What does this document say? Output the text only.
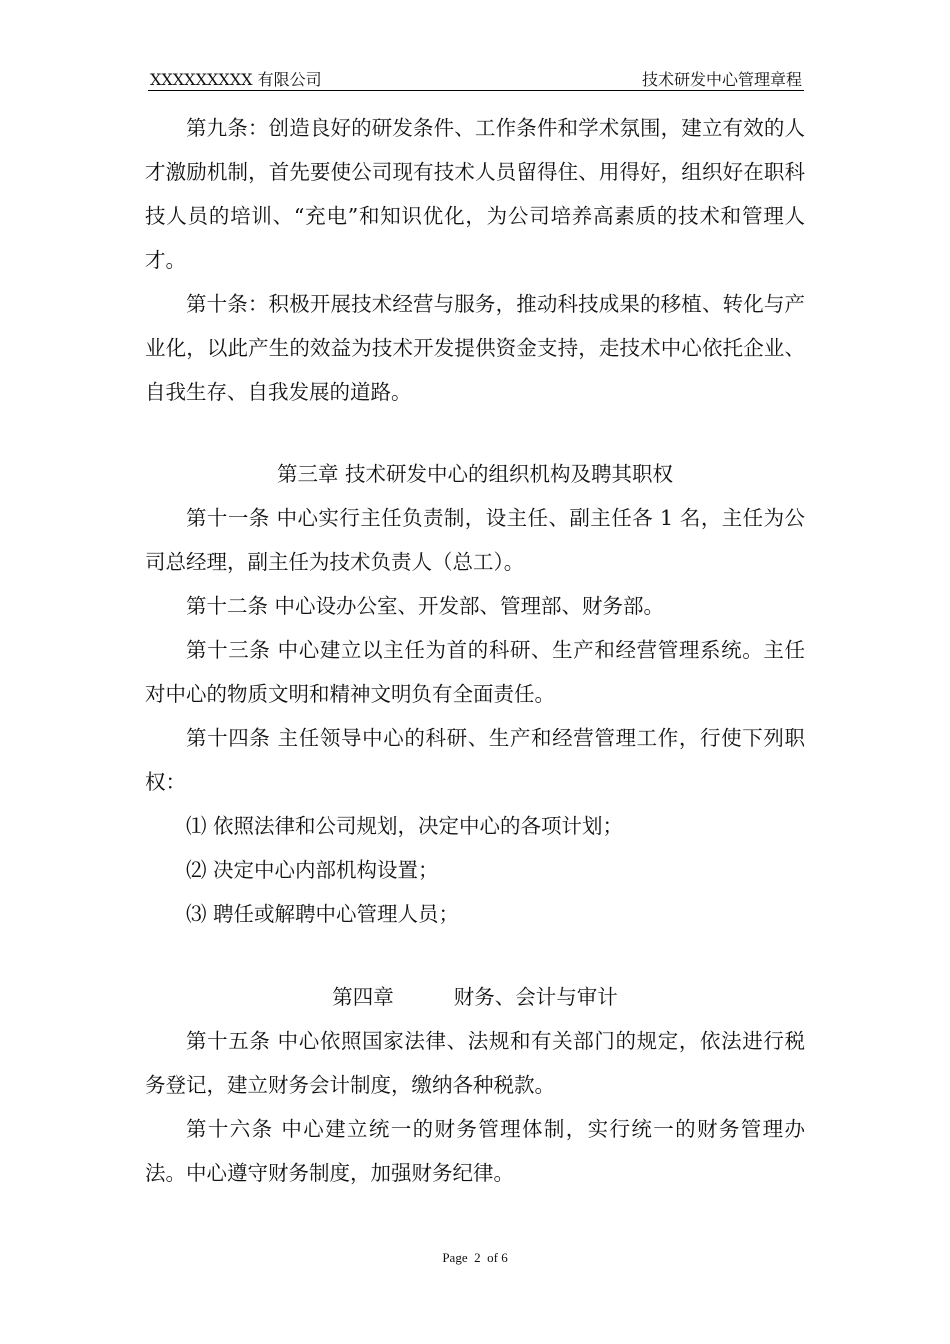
XXXXXXXXX 有限公司	技术研发中心管理章程

第九条：创造良好的研发条件、工作条件和学术氛围，建立有效的人才激励机制，首先要使公司现有技术人员留得住、用得好，组织好在职科技人员的培训、“充电”和知识优化，为公司培养高素质的技术和管理人才。

第十条：积极开展技术经营与服务，推动科技成果的移植、转化与产业化，以此产生的效益为技术开发提供资金支持，走技术中心依托企业、自我生存、自我发展的道路。

第三章 技术研发中心的组织机构及聘其职权

第十一条 中心实行主任负责制，设主任、副主任各 1 名，主任为公司总经理，副主任为技术负责人（总工）。

第十二条 中心设办公室、开发部、管理部、财务部。

第十三条 中心建立以主任为首的科研、生产和经营管理系统。主任对中心的物质文明和精神文明负有全面责任。

第十四条 主任领导中心的科研、生产和经营管理工作，行使下列职权：

⑴ 依照法律和公司规划，决定中心的各项计划；

⑵ 决定中心内部机构设置；

⑶ 聘任或解聘中心管理人员；

第四章	财务、会计与审计

第十五条 中心依照国家法律、法规和有关部门的规定，依法进行税务登记，建立财务会计制度，缴纳各种税款。

第十六条 中心建立统一的财务管理体制，实行统一的财务管理办法。中心遵守财务制度，加强财务纪律。

Page 2 of 6
